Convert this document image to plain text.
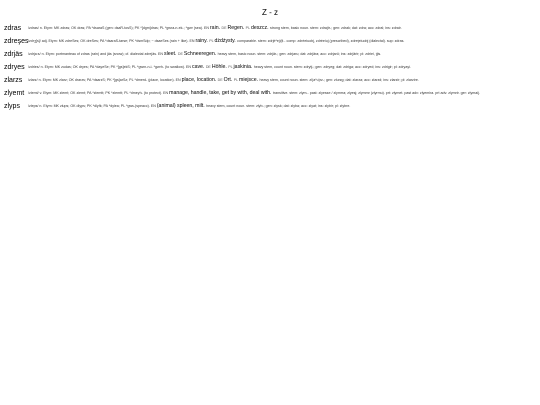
Z - z
zdras	/zdras/ n. Etym: MK zdras; OK dras; PA *dsaraS (gen: dsaR-tosS); PK *[dgm]dras; PL *gwra-n-ek-; *gwr (sea). EN rain. DE Regen. PL deszcz. strong stem, basic noun. stem: zdrajtr-; gen: zdrak; dat: zdra; acc: zdral; ins: zdrair.
zdreşes /zdrʒ[s]/ adj. Etym: MK zdreSes; OK dreSes; PA *dsaraS-tarse; PK *dsmSdp; ~ dsaeSes (rain + like). EN rainy. PL dżdżysty. comparable. stem: zdrjè*ej@-. comp: zdrèeiuobj, zdrèeiuj (prescribed), zdreţeiuobj (dialectal). sup: zdras.
zdrjäs	/zdrja:s/ n. Etym: portmanteau of zdras (rain) and jäs (snow); cf. dialectal zdrejäs. EN sleet. DE Schneeregen. heavy stem, basic noun. stem: zdrjär-; gen: zdrjaru; dat: zdrjära; acc: zdrjarü; ins: zdrjärir; pl: zdriei, ţjis.
zdryes /zdries/ n. Etym: MK zudas; OK dryes; PA *dayeSe; PK *[gs]ekS; PL *gwrn-n-i- *gwrh- (to swallow). EN cave. DE Höhle. PL jaskinia. heavy stem, count noun. stem: zdrytj-; gen: zdryeg; dat: zdriga; acc: zdryed; ins: zdrigir; pl: zdryayi.
zlarzs	/zlarz/ n. Etym: MK zlarz; OK drarzs; PA *dsarzS; PK *[gs]arSz; PL *dmerd- (place, location). EN place, location. DE Ort. PL miejsce. heavy stem, count noun. stem: zl(a*u)rz-; gen: zlurzg; dat: zlarza; acc: zlarzd; ins: zlarzir; pl: zlarzire.
zlyemt	/zlemt/ v. Etym: MK zlemt; OK zlemt; PA *zlemtt; PK *zlemtt; PL *dmeyh- (to protect). EN manage, handle, take, get by with, deal with. transitive. stem: zlym-. past: zlyesse / zlymrra; zlyesj; zlymmr (zlyrmu). prt: zlymet. past adv: zlyemira. prt adv: zlymrir. ger: zlymaij.
zlyps	/zleps/ n. Etym: MK zlups; OK dlyps; PK *dlyfk; PA *dylea; PL *gws-(speacc). EN (animal) spleen, milt. heavy stem, count noun. stem: zlyb-; gen: zlysk; dat: zlyba; acc: zlyat; ins: zlybir; pl: zlybre.
